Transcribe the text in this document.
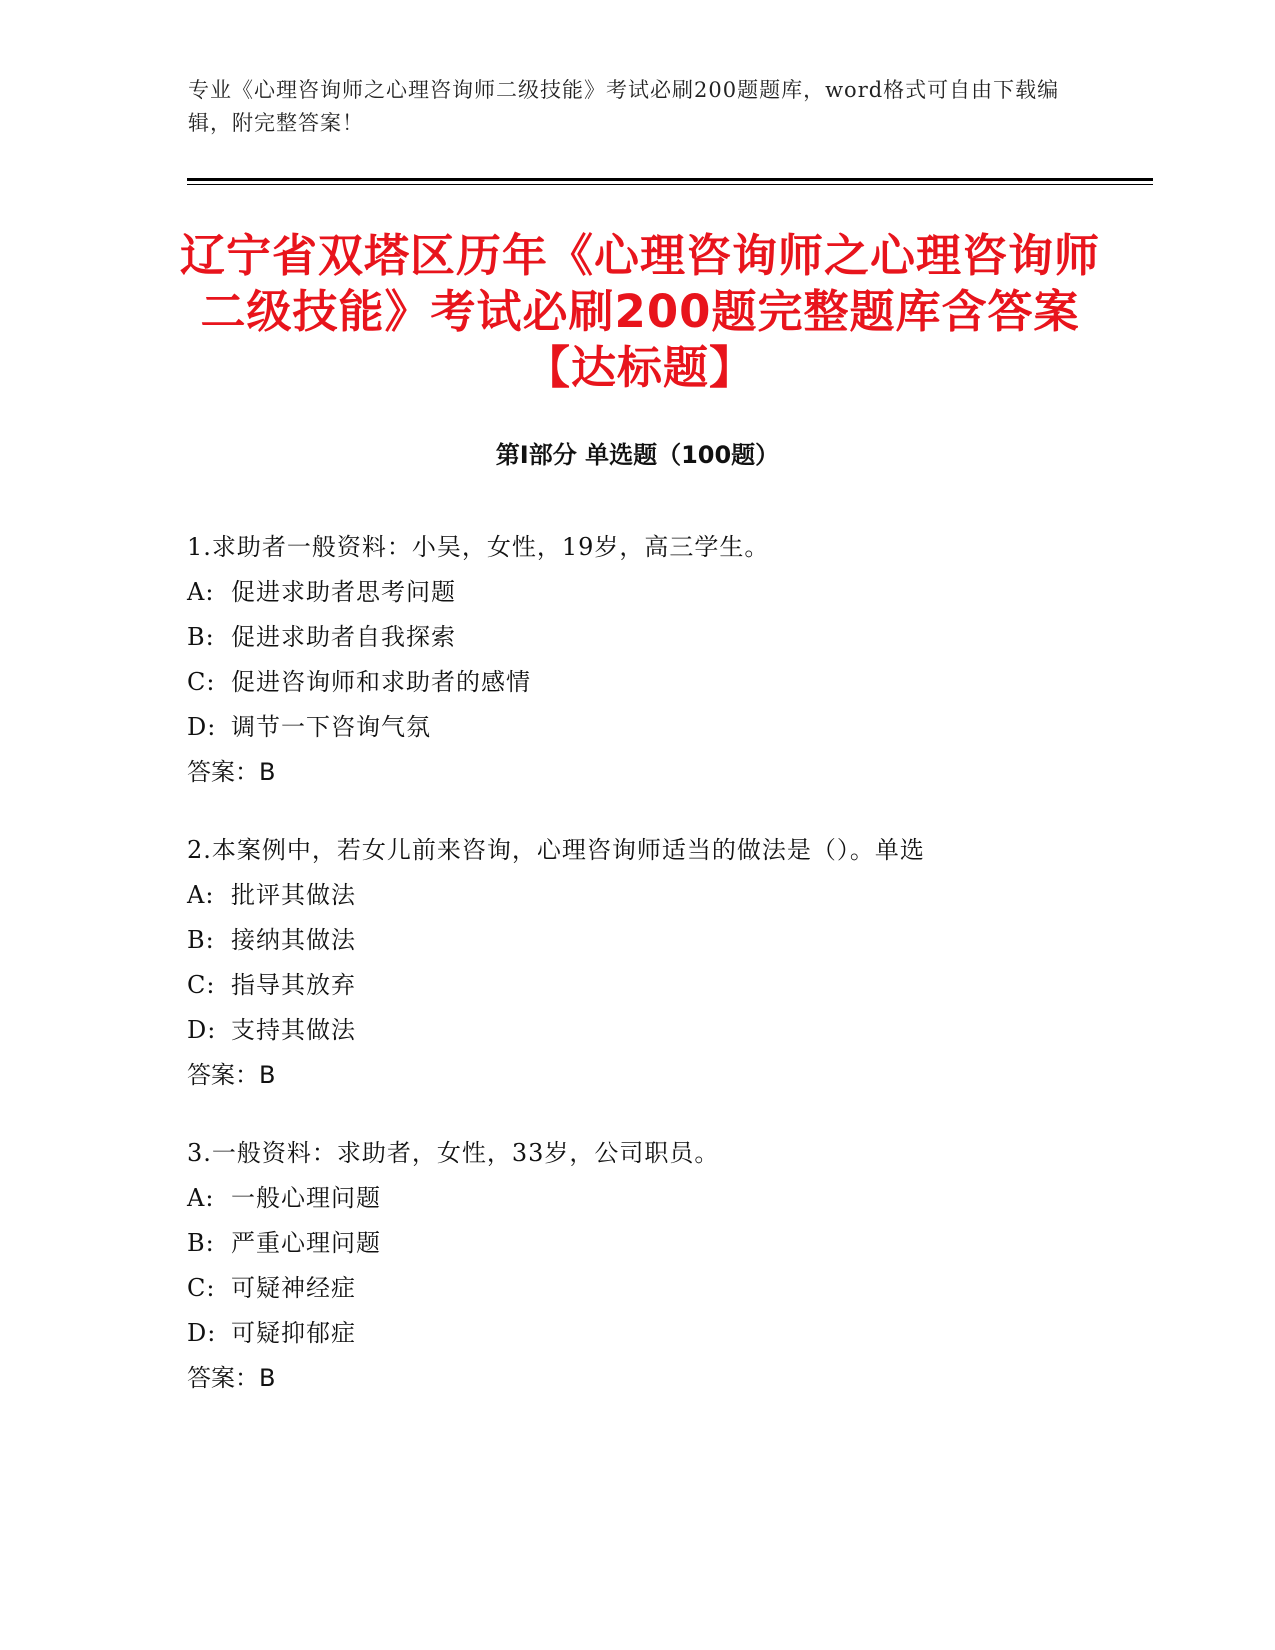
专业《心理咨询师之心理咨询师二级技能》考试必刷200题题库，word格式可自由下载编辑，附完整答案！
辽宁省双塔区历年《心理咨询师之心理咨询师二级技能》考试必刷200题完整题库含答案【达标题】
第Ⅰ部分 单选题（100题）
1.求助者一般资料：小吴，女性，19岁，高三学生。
A: 促进求助者思考问题
B: 促进求助者自我探索
C: 促进咨询师和求助者的感情
D: 调节一下咨询气氛
答案：B
2.本案例中，若女儿前来咨询，心理咨询师适当的做法是（）。单选
A: 批评其做法
B: 接纳其做法
C: 指导其放弃
D: 支持其做法
答案：B
3.一般资料：求助者，女性，33岁，公司职员。
A: 一般心理问题
B: 严重心理问题
C: 可疑神经症
D: 可疑抑郁症
答案：B
